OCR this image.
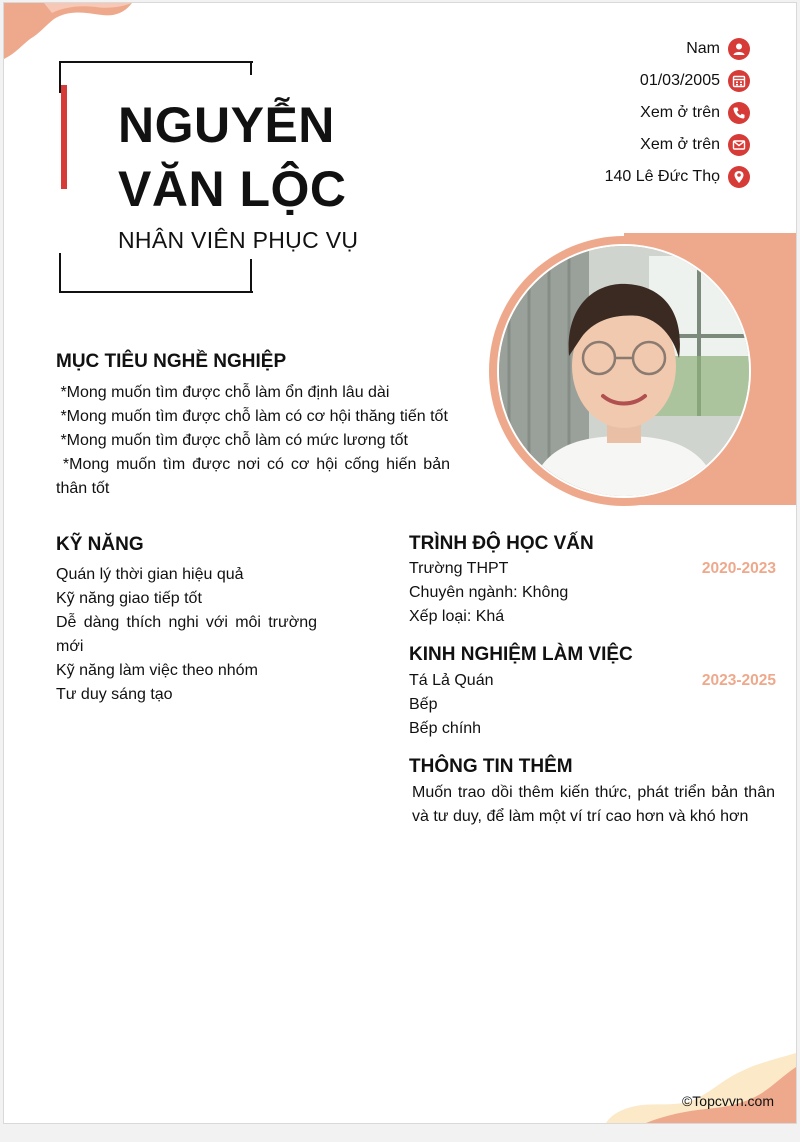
NGUYỄN
VĂN LỘC
NHÂN VIÊN PHỤC VỤ
Nam
01/03/2005
Xem ở trên
Xem ở trên
140 Lê Đức Thọ
MỤC TIÊU NGHỀ NGHIỆP
*Mong muốn tìm được chỗ làm ổn định lâu dài
*Mong muốn tìm được chỗ làm có cơ hội thăng tiến tốt
*Mong muốn tìm được chỗ làm có mức lương tốt
*Mong muốn tìm được nơi có cơ hội cống hiến bản thân tốt
KỸ NĂNG
Quán lý thời gian hiệu quả
Kỹ năng giao tiếp tốt
Dễ dàng thích nghi với môi trường mới
Kỹ năng làm việc theo nhóm
Tư duy sáng tạo
TRÌNH ĐỘ HỌC VẤN
Trường THPT	2020-2023
Chuyên ngành: Không
Xếp loại: Khá
KINH NGHIỆM LÀM VIỆC
Tá Lả Quán	2023-2025
Bếp
Bếp chính
THÔNG TIN THÊM
Muốn trao dồi thêm kiến thức, phát triển bản thân và tư duy, để làm một ví trí cao hơn và khó hơn
©Topcvvn.com
